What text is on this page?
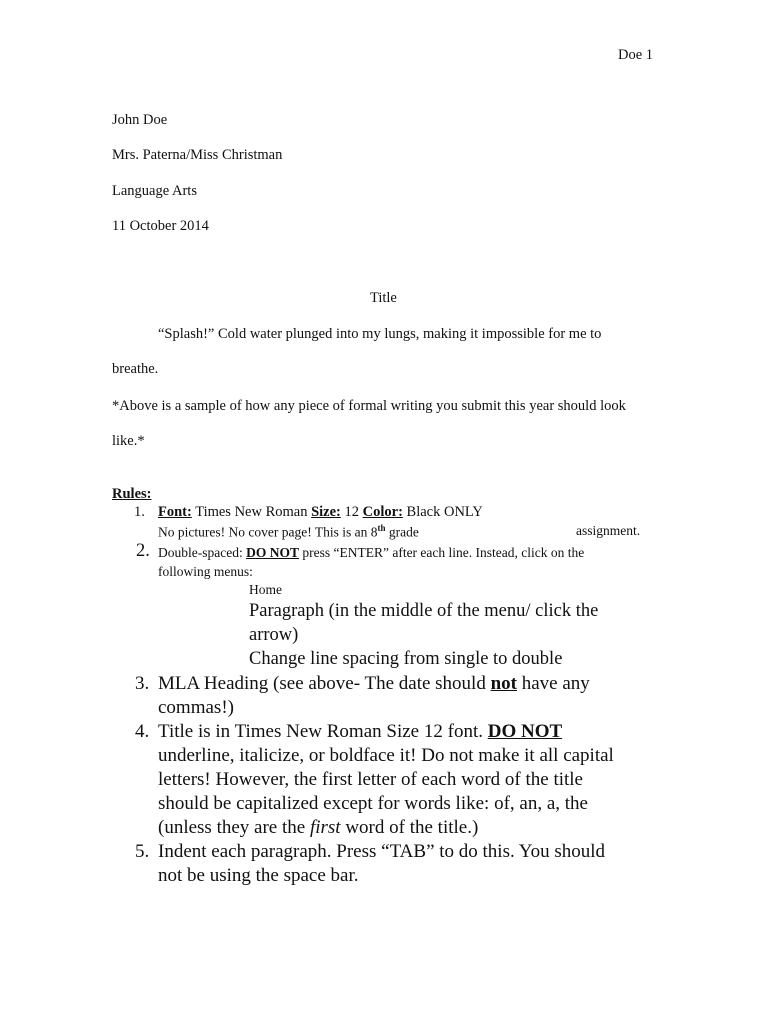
Doe 1
John Doe
Mrs. Paterna/Miss Christman
Language Arts
11 October 2014
Title
“Splash!” Cold water plunged into my lungs, making it impossible for me to
breathe.
*Above is a sample of how any piece of formal writing you submit this year should look
like.*
Rules:
1. Font: Times New Roman Size: 12 Color: Black ONLY
No pictures! No cover page! This is an 8th grade	assignment.
2. Double-spaced: DO NOT press “ENTER” after each line. Instead, click on the
following menus:
Home
Paragraph (in the middle of the menu/ click the
arrow)
Change line spacing from single to double
3. MLA Heading (see above- The date should not have any
commas!)
4. Title is in Times New Roman Size 12 font. DO NOT
underline, italicize, or boldface it! Do not make it all capital
letters! However, the first letter of each word of the title
should be capitalized except for words like: of, an, a, the
(unless they are the first word of the title.)
5. Indent each paragraph. Press “TAB” to do this. You should
not be using the space bar.
